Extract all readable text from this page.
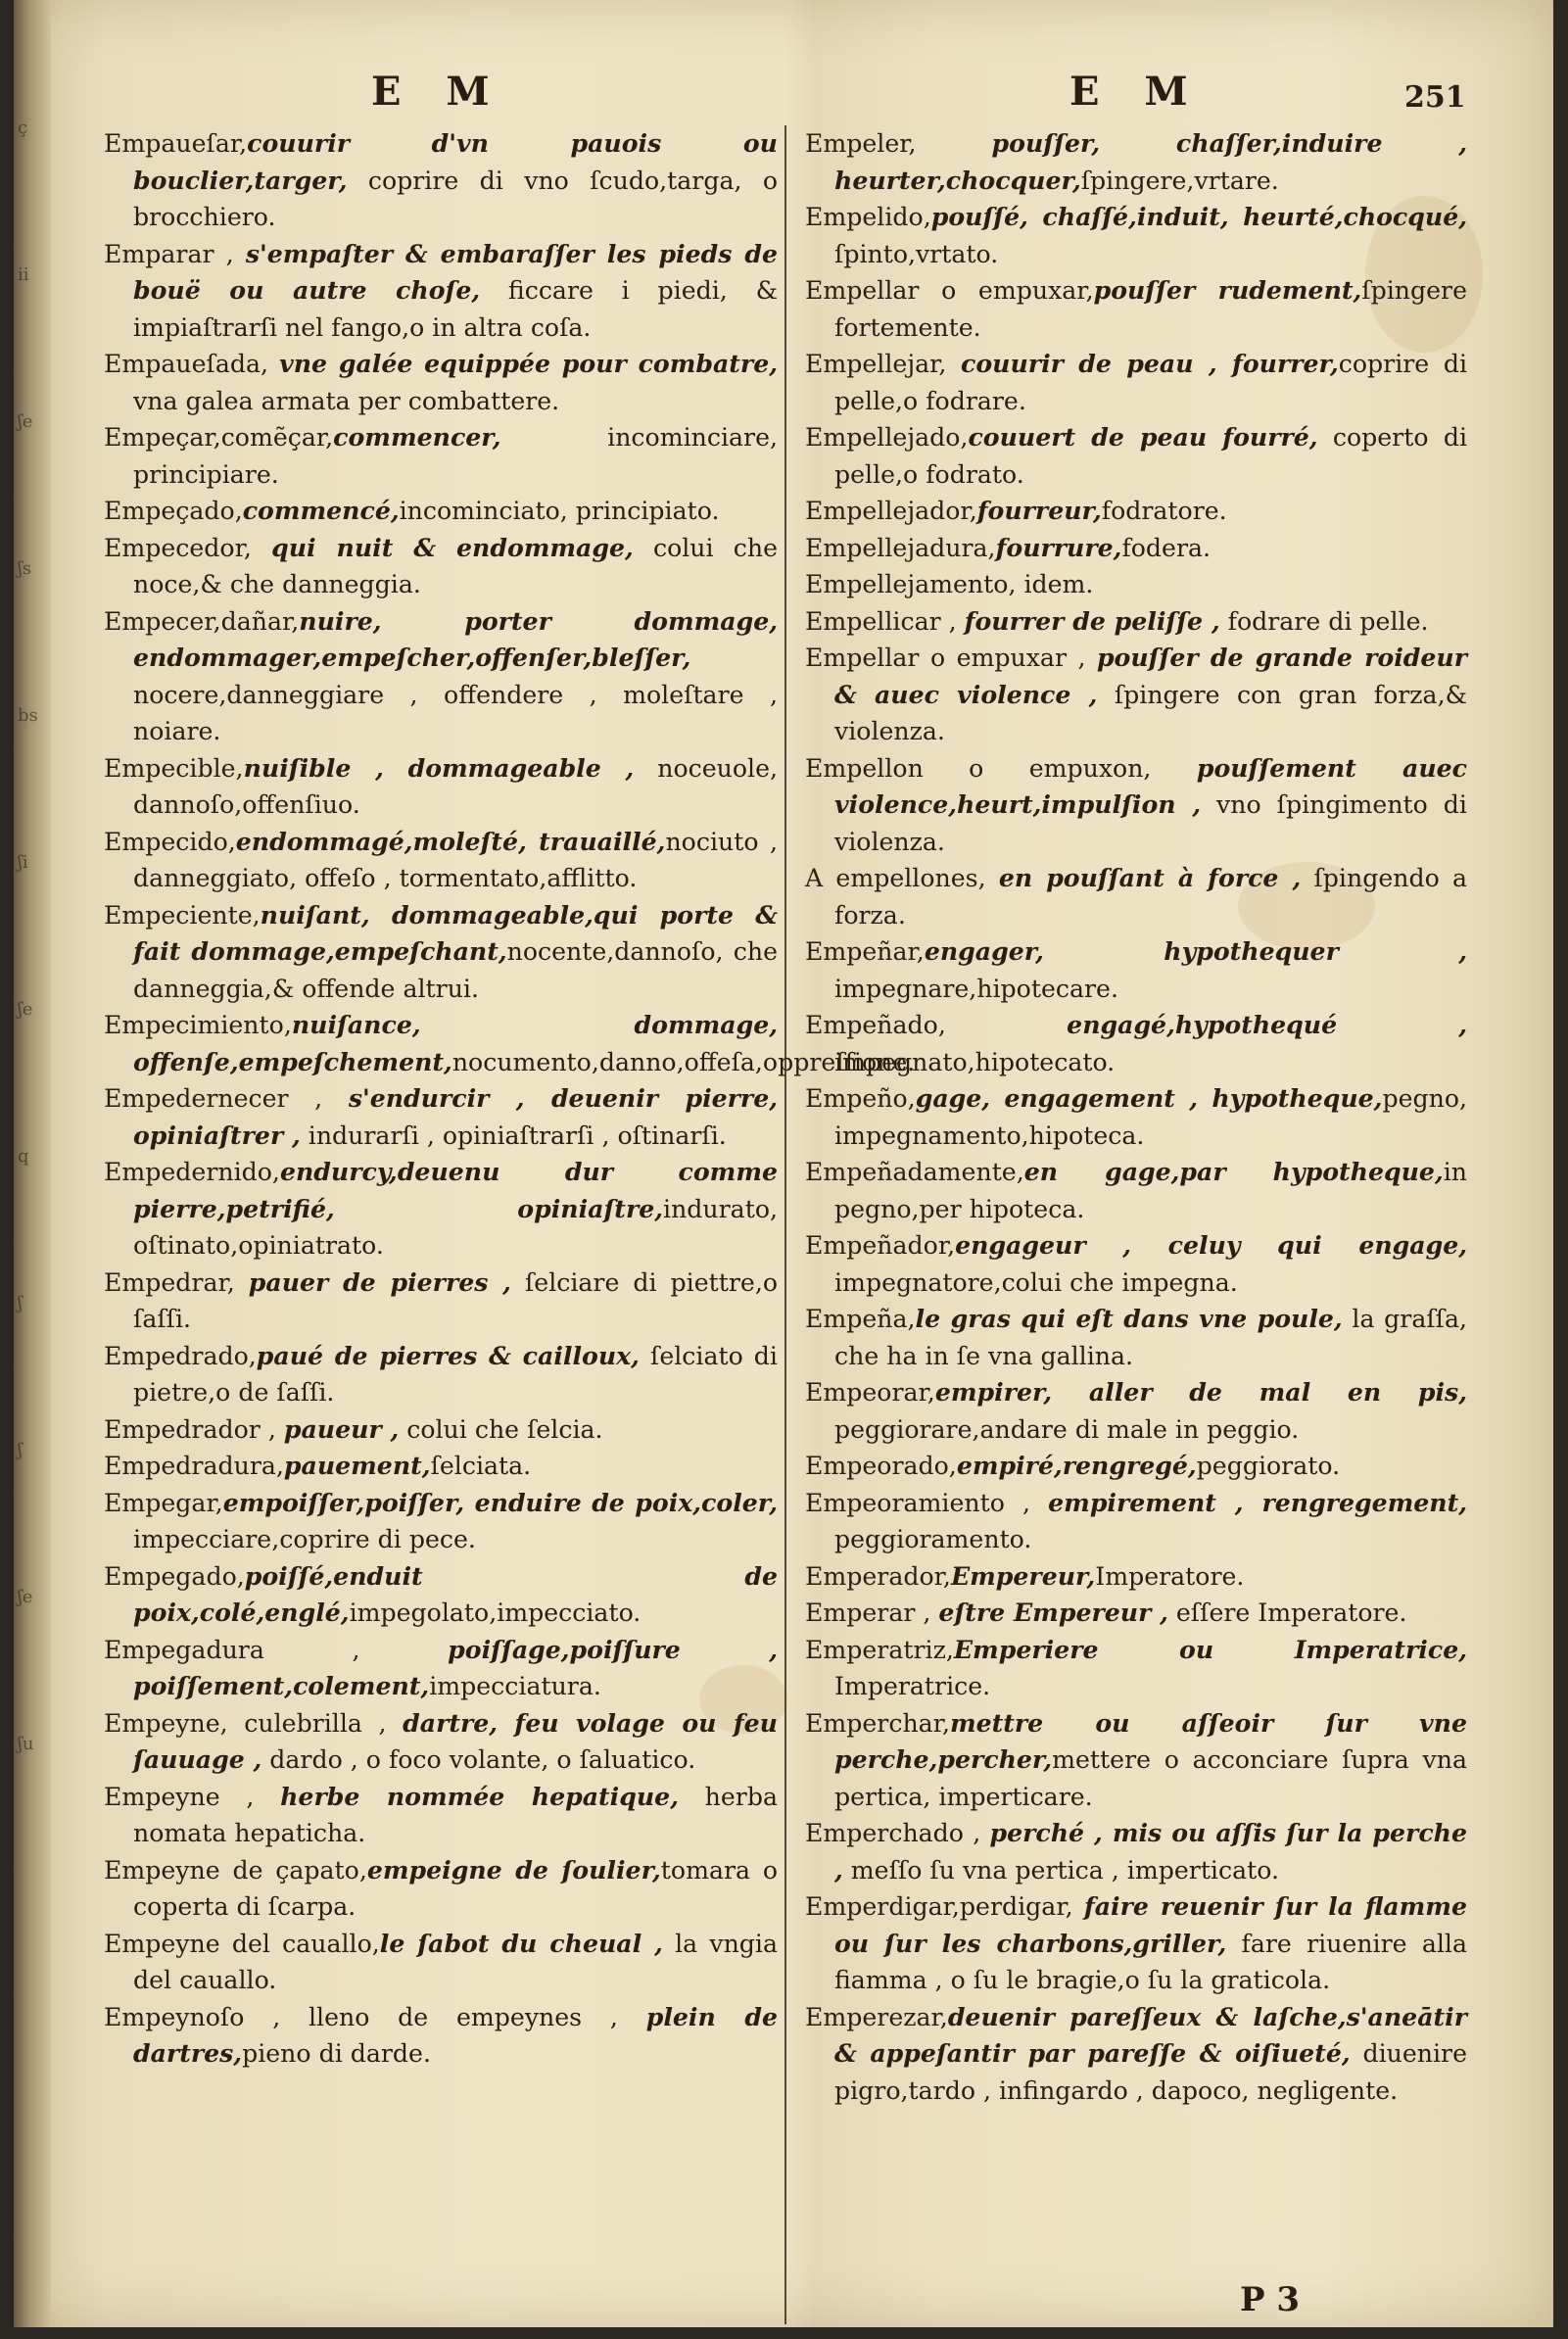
ç
ii
ʃe
ʃs
bs
ʃi
ʃe
q
ʃ
ʃ
ʃe
ʃu
E M	E M	251

Empaueſar,couurir d'vn pauois ou bouclier,targer, coprire di vno ſcudo,targa, o brocchiero.

Emparar , s'empaſter & embaraſſer les pieds de bouë ou autre choſe, ficcare i piedi, & impiaſtrarſi nel fango,o in altra coſa.

Empaueſada, vne galée equippée pour combatre, vna galea armata per combattere.

Empeçar,comẽçar,commencer, incominciare, principiare.

Empeçado,commencé,incominciato, principiato.

Empecedor, qui nuit & endommage, colui che noce,& che danneggia.

Empecer,dañar,nuire, porter dommage, endommager,empeſcher,offenſer,bleſſer, nocere,danneggiare , offendere , moleſtare , noiare.

Empecible,nuiſible , dommageable , noceuole, dannoſo,offenſiuo.

Empecido,endommagé,moleſté, trauaillé,nociuto , danneggiato, offeſo , tormentato,afflitto.

Empeciente,nuiſant, dommageable,qui porte & fait dommage,empeſchant,nocente,dannoſo, che danneggia,& offende altrui.

Empecimiento,nuiſance, dommage, offenſe,empeſchement,nocumento,danno,offeſa,oppreſſione.

Empedernecer , s'endurcir , deuenir pierre, opiniaſtrer , indurarſi , opiniaſtrarſi , oſtinarſi.

Empedernido,endurcy,deuenu dur comme pierre,petrifié, opiniaſtre,indurato, oſtinato,opiniatrato.

Empedrar, pauer de pierres , ſelciare di piettre,o ſaſſi.

Empedrado,paué de pierres & cailloux, ſelciato di pietre,o de ſaſſi.

Empedrador , paueur , colui che ſelcia.

Empedradura,pauement,ſelciata.

Empegar,empoiſſer,poiſſer, enduire de poix,coler, impecciare,coprire di pece.

Empegado,poiſſé,enduit de poix,colé,englé,impegolato,impecciato.

Empegadura , poiſſage,poiſſure , poiſſement,colement,impecciatura.

Empeyne, culebrilla , dartre, feu volage ou feu ſauuage , dardo , o foco volante, o ſaluatico.

Empeyne , herbe nommée hepatique, herba nomata hepaticha.

Empeyne de çapato,empeigne de ſoulier,tomara o coperta di ſcarpa.

Empeyne del cauallo,le ſabot du cheual , la vngia del cauallo.

Empeynoſo , lleno de empeynes , plein de dartres,pieno di darde.

Empeler, pouſſer, chaſſer,induire , heurter,chocquer,ſpingere,vrtare.

Empelido,pouſſé, chaſſé,induit, heurté,chocqué, ſpinto,vrtato.

Empellar o empuxar,pouſſer rudement,ſpingere fortemente.

Empellejar, couurir de peau , fourrer,coprire di pelle,o fodrare.

Empellejado,couuert de peau fourré, coperto di pelle,o fodrato.

Empellejador,fourreur,fodratore.

Empellejadura,fourrure,fodera.

Empellejamento, idem.

Empellicar , fourrer de peliſſe , fodrare di pelle.

Empellar o empuxar , pouſſer de grande roideur & auec violence , ſpingere con gran forza,& violenza.

Empellon o empuxon, pouſſement auec violence,heurt,impulſion , vno ſpingimento di violenza.

A empellones, en pouſſant à force , ſpingendo a forza.

Empeñar,engager, hypothequer , impegnare,hipotecare.

Empeñado, engagé,hypothequé , impegnato,hipotecato.

Empeño,gage, engagement , hypotheque,pegno, impegnamento,hipoteca.

Empeñadamente,en gage,par hypotheque,in pegno,per hipoteca.

Empeñador,engageur , celuy qui engage, impegnatore,colui che impegna.

Empeña,le gras qui eſt dans vne poule, la graſſa, che ha in ſe vna gallina.

Empeorar,empirer, aller de mal en pis, peggiorare,andare di male in peggio.

Empeorado,empiré,rengregé,peggiorato.

Empeoramiento , empirement , rengregement, peggioramento.

Emperador,Empereur,Imperatore.

Emperar , eſtre Empereur , eſſere Imperatore.

Emperatriz,Emperiere ou Imperatrice, Imperatrice.

Emperchar,mettre ou aſſeoir ſur vne perche,percher,mettere o acconciare ſupra vna pertica, imperticare.

Emperchado , perché , mis ou aſſis ſur la perche , meſſo ſu vna pertica , imperticato.

Emperdigar,perdigar, faire reuenir ſur la flamme ou ſur les charbons,griller, fare riuenire alla fiamma , o ſu le bragie,o ſu la graticola.

Emperezar,deuenir pareſſeux & laſche,s'aneātir & appeſantir par pareſſe & oiſiueté, diuenire pigro,tardo , infingardo , dapoco, negligente.

P 3
